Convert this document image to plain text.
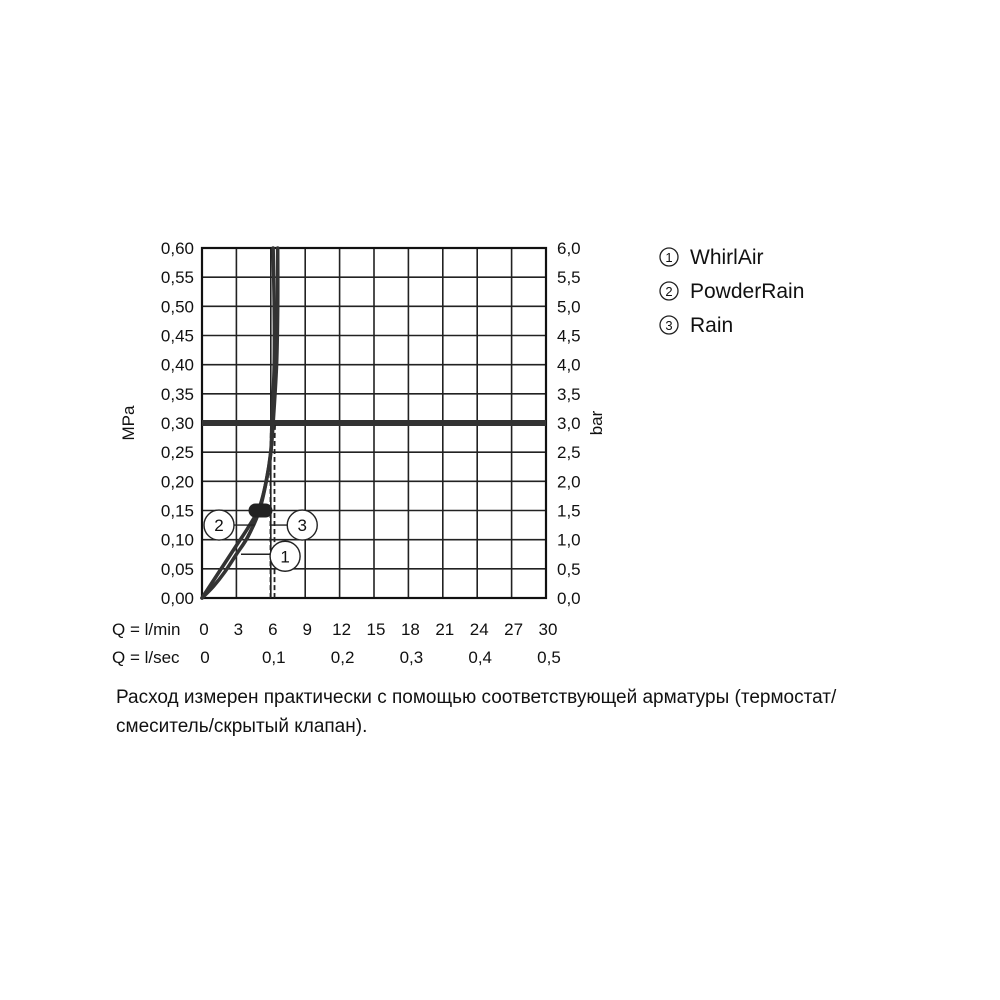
1
2	3
0,00
0,05
0,10
0,15
0,20
0,25
0,30
0,35
0,40
0,45
0,50
0,55
0,60
0,0
0,5
1,0
1,5
2,0
2,5
3,0
3,5
4,0
4,5
5,0
5,5
6,0
0 3 6 9 12 15 18 21 24 27 30
0	0,1	0,2	0,3	0,4	0,5
Q = l/min
Q = l/sec
MPa	bar
1 WhirlAir
2 PowderRain
3 Rain
Расход измерен практически с помощью соответствующей арматуры (термостат/
смеситель/скрытый клапан).
